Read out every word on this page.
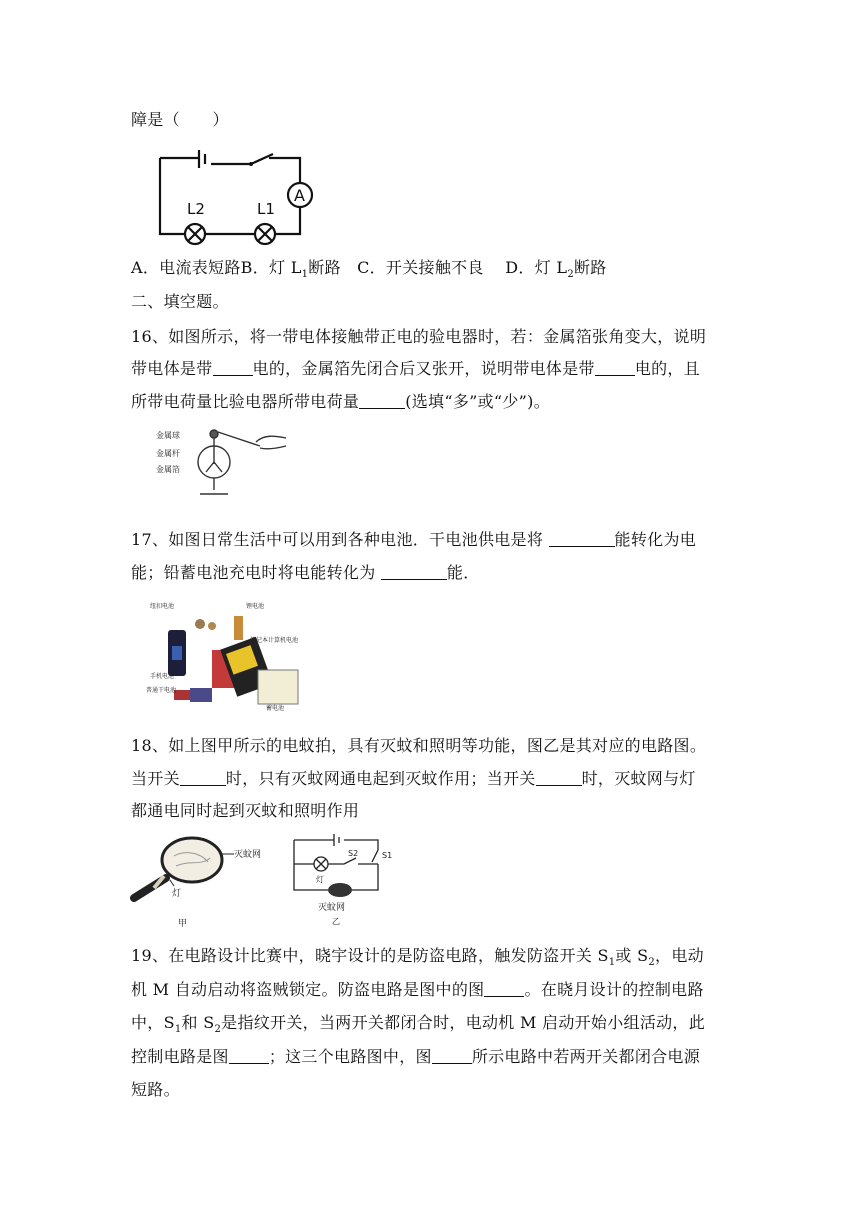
障是（　　）
L2	L1
A
A．电流表短路B．灯 $L_1$断路 C．开关接触不良 D．灯 $L_2$断路
二、填空题。
16、如图所示，将一带电体接触带正电的验电器时，若：金属箔张角变大，说明
带电体是带	电的，金属箔先闭合后又张开，说明带电体是带	电的，且
所带电荷量比验电器所带电荷量	(选填“多”或“少”)。
金属球
金属杆
金属箔
17、如图日常生活中可以用到各种电池．干电池供电是将	能转化为电
能；铅蓄电池充电时将电能转化为	能．
纽扣电池	锂电池
笔记本计算机电池
手机电池
普通干电池
蓄电池
18、如上图甲所示的电蚊拍，具有灭蚊和照明等功能，图乙是其对应的电路图。
当开关	时，只有灭蚊网通电起到灭蚊作用；当开关	时，灭蚊网与灯
都通电同时起到灭蚊和照明作用
灭蚊网
灯
甲
S1
S2
灯
灭蚊网
乙
19、在电路设计比赛中，晓宇设计的是防盗电路，触发防盗开关 $S_1$或 $S_2$，电动
机 M 自动启动将盗贼锁定。防盗电路是图中的图	。在晓月设计的控制电路
中，$S_1$和 $S_2$是指纹开关，当两开关都闭合时，电动机 M 启动开始小组活动，此
控制电路是图	；这三个电路图中，图	所示电路中若两开关都闭合电源
短路。
